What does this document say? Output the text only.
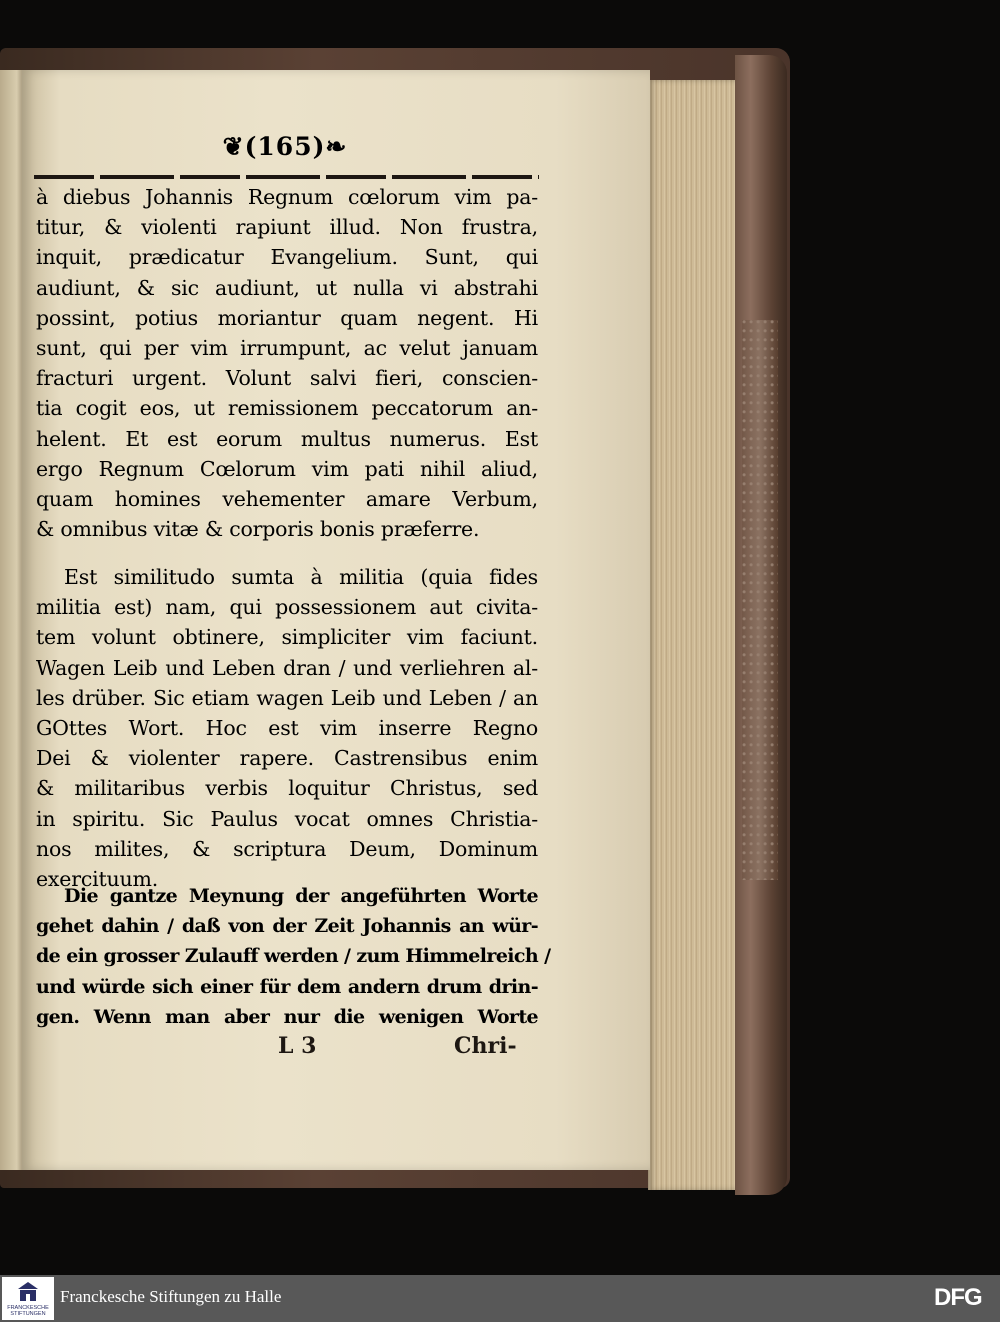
❦(165)❧
à diebus Johannis Regnum cœlorum vim pa-
titur, & violenti rapiunt illud. Non frustra,
inquit, prædicatur Evangelium. Sunt, qui
audiunt, & sic audiunt, ut nulla vi abstrahi
possint, potius moriantur quam negent. Hi
sunt, qui per vim irrumpunt, ac velut januam
fracturi urgent. Volunt salvi fieri, conscien-
tia cogit eos, ut remissionem peccatorum an-
helent. Et est eorum multus numerus. Est
ergo Regnum Cœlorum vim pati nihil aliud,
quam homines vehementer amare Verbum,
& omnibus vitæ & corporis bonis præferre.
Est similitudo sumta à militia (quia fides
militia est) nam, qui possessionem aut civita-
tem volunt obtinere, simpliciter vim faciunt.
Wagen Leib und Leben dran / und verliehren al-
les drüber. Sic etiam wagen Leib und Leben / an
GOttes Wort. Hoc est vim inserre Regno
Dei & violenter rapere. Castrensibus enim
& militaribus verbis loquitur Christus, sed
in spiritu. Sic Paulus vocat omnes Christia-
nos milites, & scriptura Deum, Dominum
exercituum.
Die gantze Meynung der angeführten Worte
gehet dahin / daß von der Zeit Johannis an wür-
de ein grosser Zulauff werden / zum Himmelreich /
und würde sich einer für dem andern drum drin-
gen. Wenn man aber nur die wenigen Worte
L 3	Chri-
FRANCKESCHE STIFTUNGEN
Franckesche Stiftungen zu Halle	DFG
